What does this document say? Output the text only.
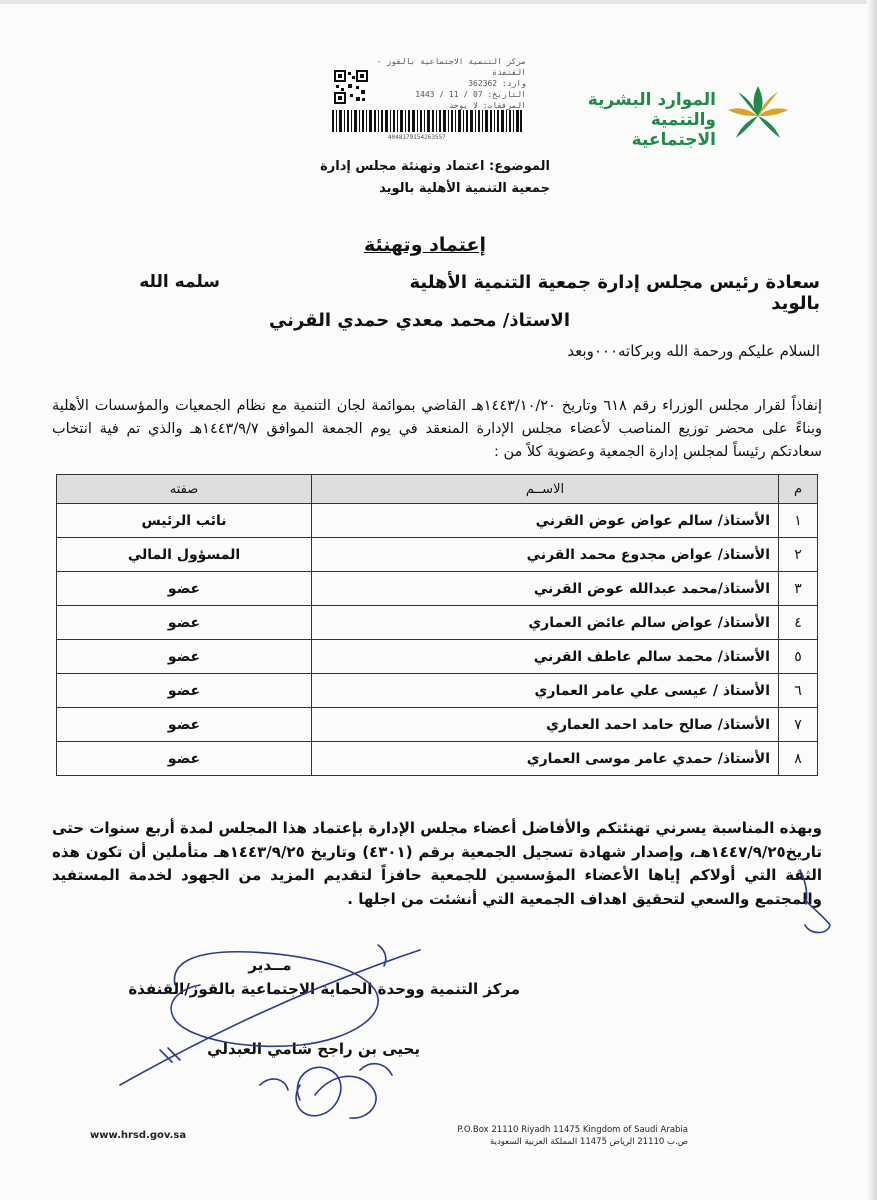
الموارد البشرية
والتنمية الاجتماعية
مركز التنمية الاجتماعية بالقوز - القنفذة
وارد: 362362
التاريخ: 07 / 11 / 1443
المرفقات: لا يوجد
4048179154263557
الموضوع: اعتماد وتهنئة مجلس إدارة
جمعية التنمية الأهلية بالويد
إعتماد وتهنئة
سعادة رئيس مجلس إدارة جمعية التنمية الأهلية بالويد
سلمه الله
الاستاذ/ محمد معدي حمدي القرني
السلام عليكم ورحمة الله وبركاته٠٠٠وبعد
إنفاذاً لقرار مجلس الوزراء رقم ٦١٨ وتاريخ ١٤٤٣/١٠/٢٠هـ القاضي بموائمة لجان التنمية مع نظام الجمعيات والمؤسسات الأهلية وبناءً على محضر توزيع المناصب لأعضاء مجلس الإدارة المنعقد في يوم الجمعة الموافق ١٤٤٣/٩/٧هـ والذي تم فية انتخاب سعادتكم رئيساً لمجلس إدارة الجمعية وعضوية كلاً من :
م	الاســم	صفته
١	الأستاذ/ سالم عواض عوض القرني	نائب الرئيس
٢	الأستاذ/ عواض مجدوع محمد القرني	المسؤول المالي
٣	الأستاذ/محمد عبدالله عوض القرني	عضو
٤	الأستاذ/ عواض سالم عائض العماري	عضو
٥	الأستاذ/ محمد سالم عاطف القرني	عضو
٦	الأستاذ / عيسى علي عامر العماري	عضو
٧	الأستاذ/ صالح حامد احمد العماري	عضو
٨	الأستاذ/ حمدي عامر موسى العماري	عضو
وبهذه المناسبة يسرني تهنئتكم والأفاضل أعضاء مجلس الإدارة بإعتماد هذا المجلس لمدة أربع سنوات حتى تاريخ١٤٤٧/٩/٢٥هـ، وإصدار شهادة تسجيل الجمعية برقم (٤٣٠١) وتاريخ ١٤٤٣/٩/٢٥هـ متأملين أن تكون هذه الثقة التي أولاكم إياها الأعضاء المؤسسين للجمعية حافزاً لتقديم المزيد من الجهود لخدمة المستفيد والمجتمع والسعي لتحقيق اهداف الجمعية التي أنشئت من اجلها .
مــدير
مركز التنمية ووحدة الحماية الاجتماعية بالقوز/القنفذة
يحيى بن راجح شامي العبدلي
www.hrsd.gov.sa	P.O.Box 21110 Riyadh 11475 Kingdom of Saudi Arabia
ص.ب 21110 الرياض 11475 المملكة العربية السعودية
